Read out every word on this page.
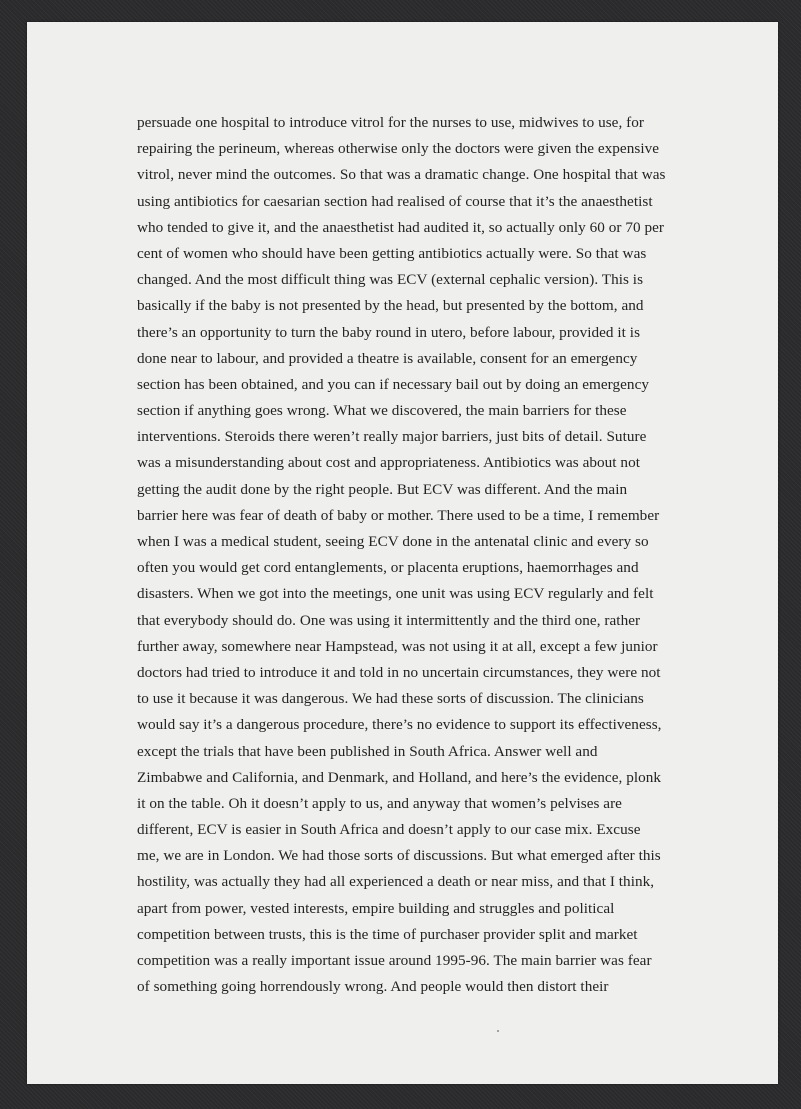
persuade one hospital to introduce vitrol for the nurses to use, midwives to use, for
repairing the perineum, whereas otherwise only the doctors were given the expensive
vitrol, never mind the outcomes. So that was a dramatic change. One hospital that was
using antibiotics for caesarian section had realised of course that it’s the anaesthetist
who tended to give it, and the anaesthetist had audited it, so actually only 60 or 70 per
cent of women who should have been getting antibiotics actually were. So that was
changed. And the most difficult thing was ECV (external cephalic version). This is
basically if the baby is not presented by the head, but presented by the bottom, and
there’s an opportunity to turn the baby round in utero, before labour, provided it is
done near to labour, and provided a theatre is available, consent for an emergency
section has been obtained, and you can if necessary bail out by doing an emergency
section if anything goes wrong. What we discovered, the main barriers for these
interventions. Steroids there weren’t really major barriers, just bits of detail. Suture
was a misunderstanding about cost and appropriateness. Antibiotics was about not
getting the audit done by the right people. But ECV was different. And the main
barrier here was fear of death of baby or mother. There used to be a time, I remember
when I was a medical student, seeing ECV done in the antenatal clinic and every so
often you would get cord entanglements, or placenta eruptions, haemorrhages and
disasters. When we got into the meetings, one unit was using ECV regularly and felt
that everybody should do. One was using it intermittently and the third one, rather
further away, somewhere near Hampstead, was not using it at all, except a few junior
doctors had tried to introduce it and told in no uncertain circumstances, they were not
to use it because it was dangerous. We had these sorts of discussion. The clinicians
would say it’s a dangerous procedure, there’s no evidence to support its effectiveness,
except the trials that have been published in South Africa. Answer well and
Zimbabwe and California, and Denmark, and Holland, and here’s the evidence, plonk
it on the table. Oh it doesn’t apply to us, and anyway that women’s pelvises are
different, ECV is easier in South Africa and doesn’t apply to our case mix. Excuse
me, we are in London. We had those sorts of discussions. But what emerged after this
hostility, was actually they had all experienced a death or near miss, and that I think,
apart from power, vested interests, empire building and struggles and political
competition between trusts, this is the time of purchaser provider split and market
competition was a really important issue around 1995-96. The main barrier was fear
of something going horrendously wrong. And people would then distort their
